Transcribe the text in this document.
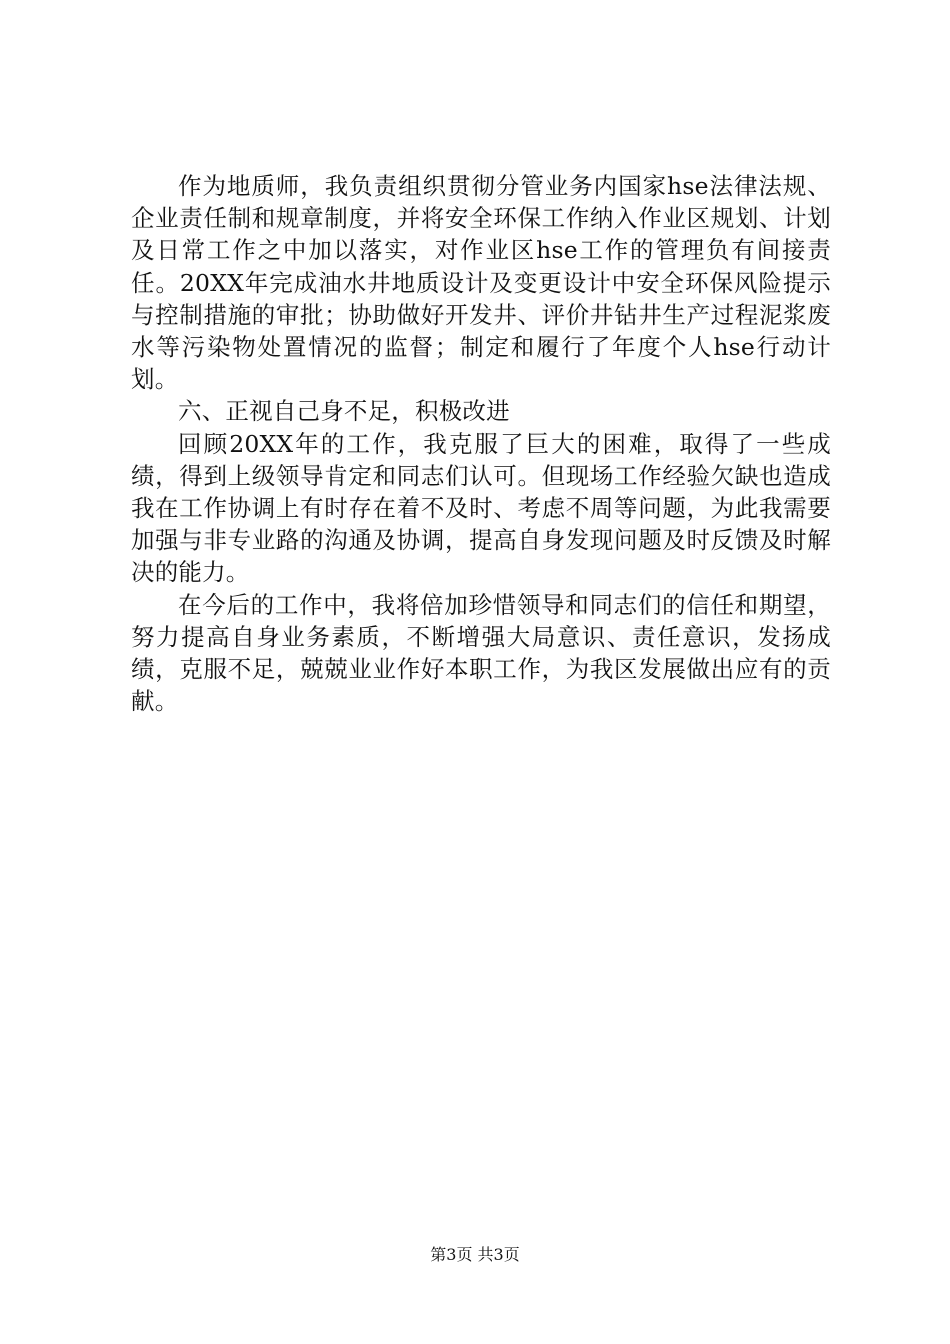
作为地质师，我负责组织贯彻分管业务内国家hse法律法规、企业责任制和规章制度，并将安全环保工作纳入作业区规划、计划及日常工作之中加以落实，对作业区hse工作的管理负有间接责任。20XX年完成油水井地质设计及变更设计中安全环保风险提示与控制措施的审批；协助做好开发井、评价井钻井生产过程泥浆废水等污染物处置情况的监督；制定和履行了年度个人hse行动计划。

六、正视自己身不足，积极改进

回顾20XX年的工作，我克服了巨大的困难，取得了一些成绩，得到上级领导肯定和同志们认可。但现场工作经验欠缺也造成我在工作协调上有时存在着不及时、考虑不周等问题，为此我需要加强与非专业路的沟通及协调，提高自身发现问题及时反馈及时解决的能力。

在今后的工作中，我将倍加珍惜领导和同志们的信任和期望，努力提高自身业务素质，不断增强大局意识、责任意识，发扬成绩，克服不足，兢兢业业作好本职工作，为我区发展做出应有的贡献。

第3页 共3页
